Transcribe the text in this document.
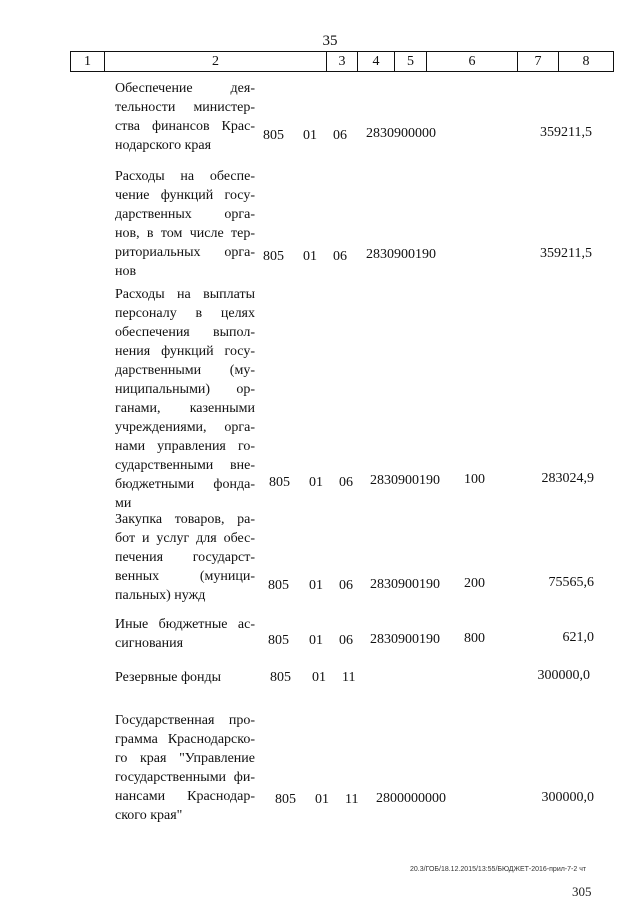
35
1	2	3	4	5	6	7	8
Обеспечение дея-
тельности министер-
ства финансов Крас-
нодарского края
805 01 06 2830900000	359211,5
Расходы на обеспе-
чение функций госу-
дарственных орга-
нов, в том числе тер-
риториальных орга-
нов
805 01 06 2830900190	359211,5
Расходы на выплаты
персоналу в целях
обеспечения выпол-
нения функций госу-
дарственными (му-
ниципальными) ор-
ганами, казенными
учреждениями, орга-
нами управления го-
сударственными вне-
бюджетными фонда-
ми
805 01 06 2830900190 100	283024,9
Закупка товаров, ра-
бот и услуг для обес-
печения государст-
венных (муници-
пальных) нужд
805 01 06 2830900190 200	75565,6
Иные бюджетные ас-
сигнования	805 01 06 2830900190 800	621,0
Резервные фонды	805 01 11	300000,0
Государственная про-
грамма Краснодарско-
го края "Управление
государственными фи-
нансами Краснодар-
ского края"
805 01 11 2800000000	300000,0
20.3/ГОБ/18.12.2015/13:55/БЮДЖЕТ-2016-прил-7-2 чт
305
